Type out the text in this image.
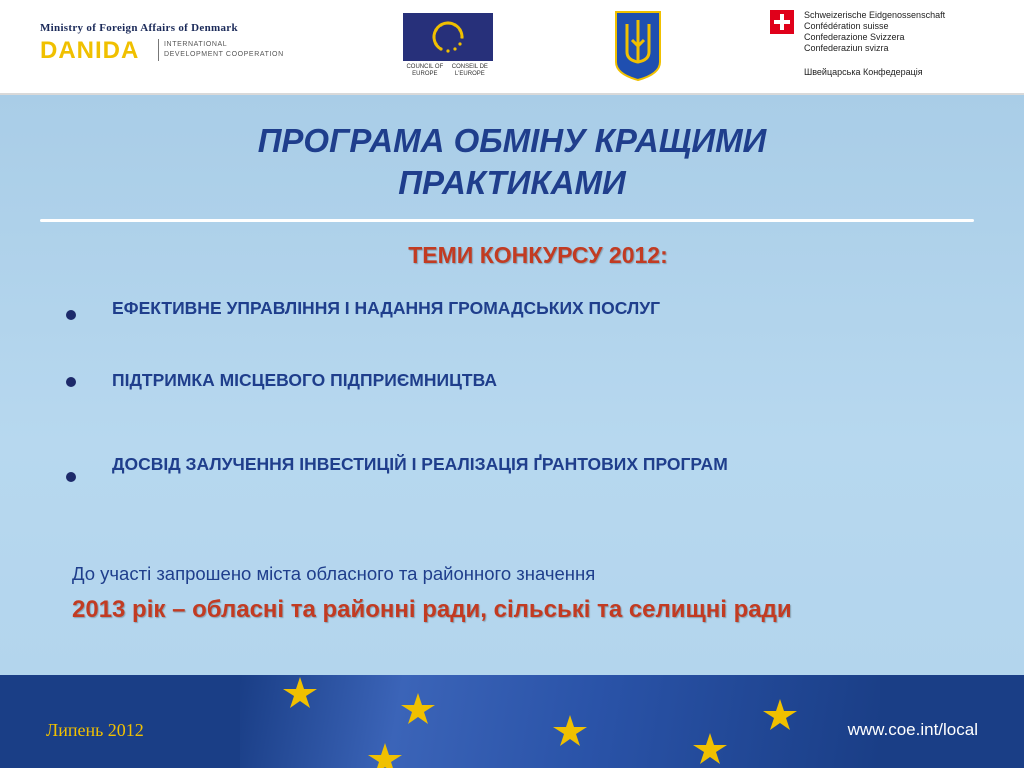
Ministry of Foreign Affairs of Denmark
DANIDA	INTERNATIONAL
DEVELOPMENT COOPERATION
COUNCIL OF EUROPE
CONSEIL DE L'EUROPE
Schweizerische Eidgenossenschaft
Confédération suisse
Confederazione Svizzera
Confederaziun svizra
Швейцарська Конфедерація
ПРОГРАМА ОБМІНУ КРАЩИМИ
ПРАКТИКАМИ
ТЕМИ КОНКУРСУ 2012:
ЕФЕКТИВНЕ УПРАВЛІННЯ І НАДАННЯ ГРОМАДСЬКИХ ПОСЛУГ
ПІДТРИМКА МІСЦЕВОГО ПІДПРИЄМНИЦТВА
ДОСВІД ЗАЛУЧЕННЯ ІНВЕСТИЦІЙ І РЕАЛІЗАЦІЯ ҐРАНТОВИХ ПРОГРАМ
До участі запрошено міста обласного та районного значення
2013 рік – обласні та районні ради, сільські та селищні ради
Липень 2012	www.coe.int/local
